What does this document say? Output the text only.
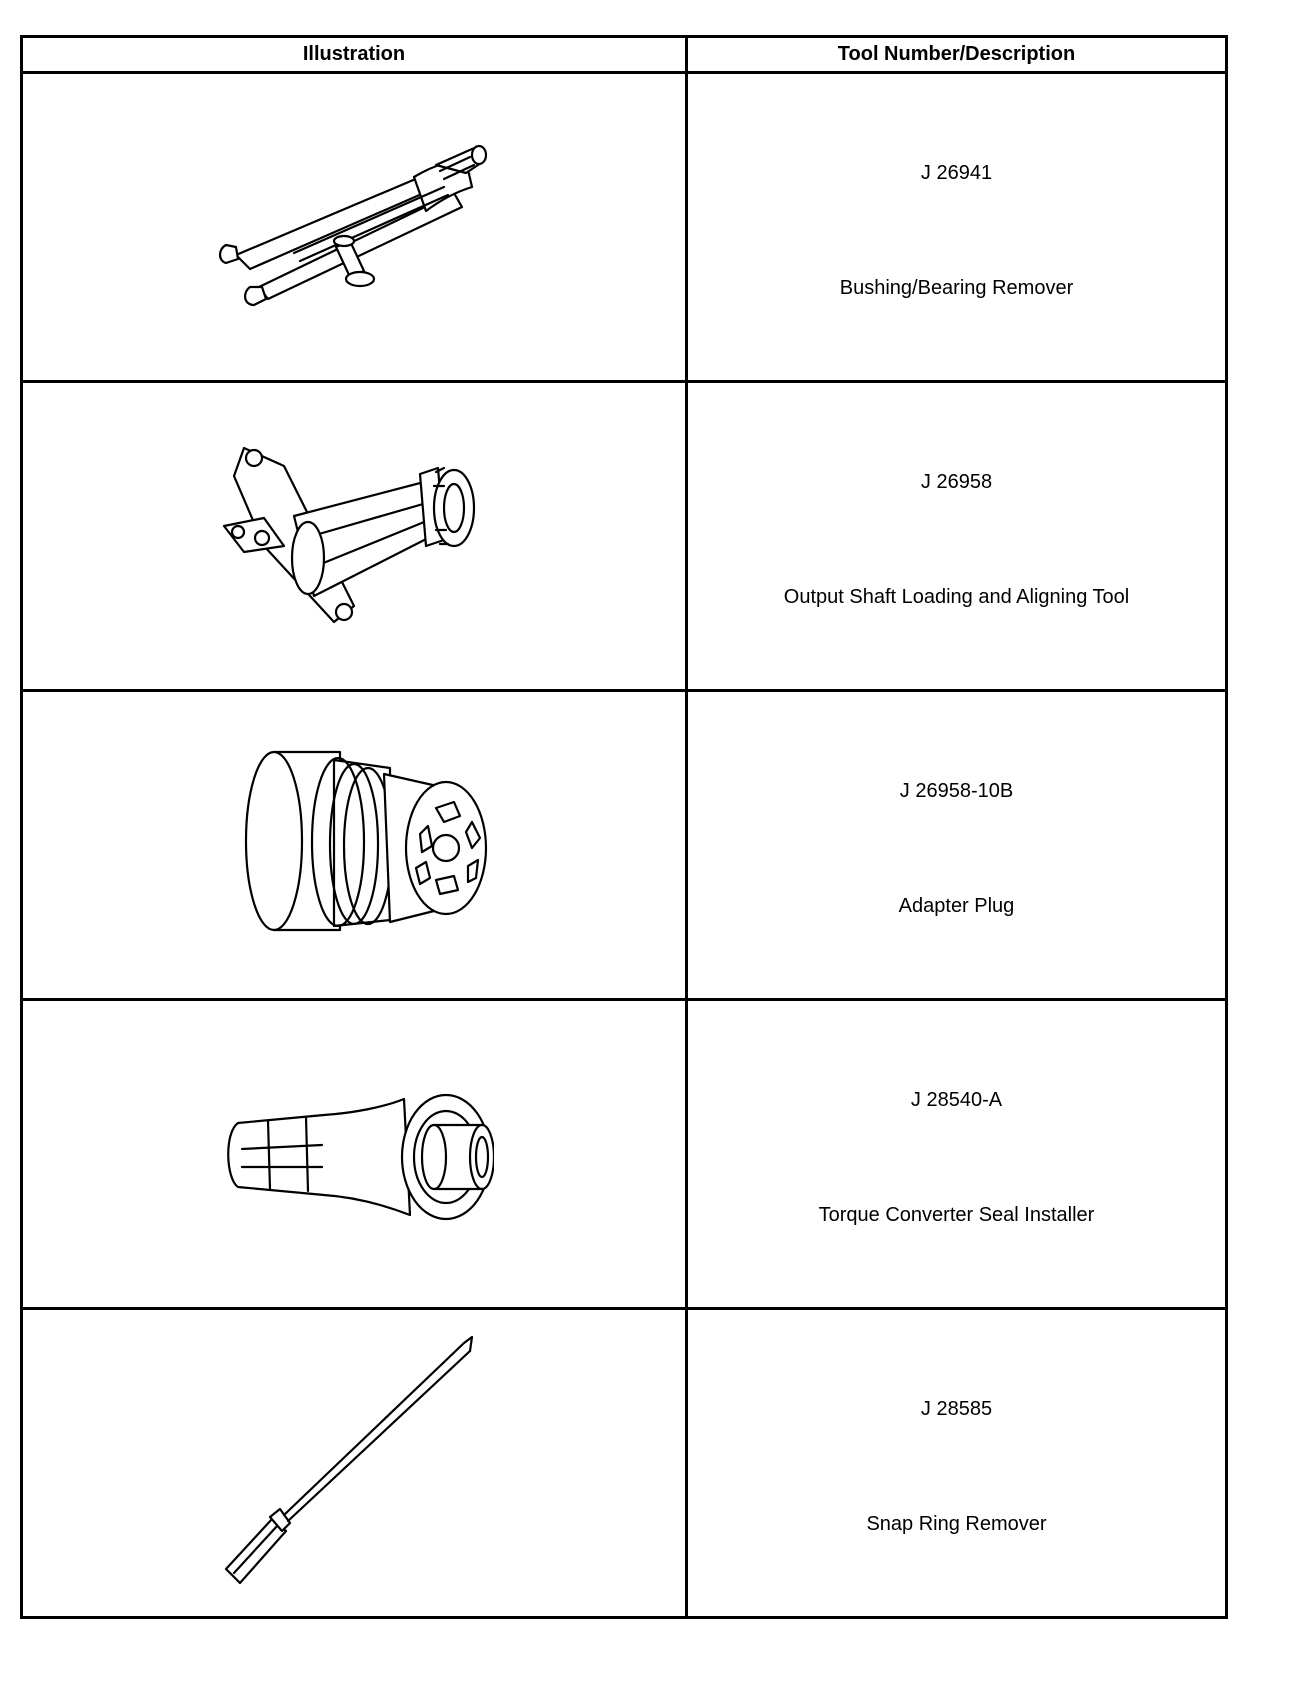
Illustration	Tool Number/Description

J 26941
Bushing/Bearing Remover

J 26958
Output Shaft Loading and Aligning Tool

J 26958-10B
Adapter Plug

J 28540-A
Torque Converter Seal Installer

J 28585
Snap Ring Remover
